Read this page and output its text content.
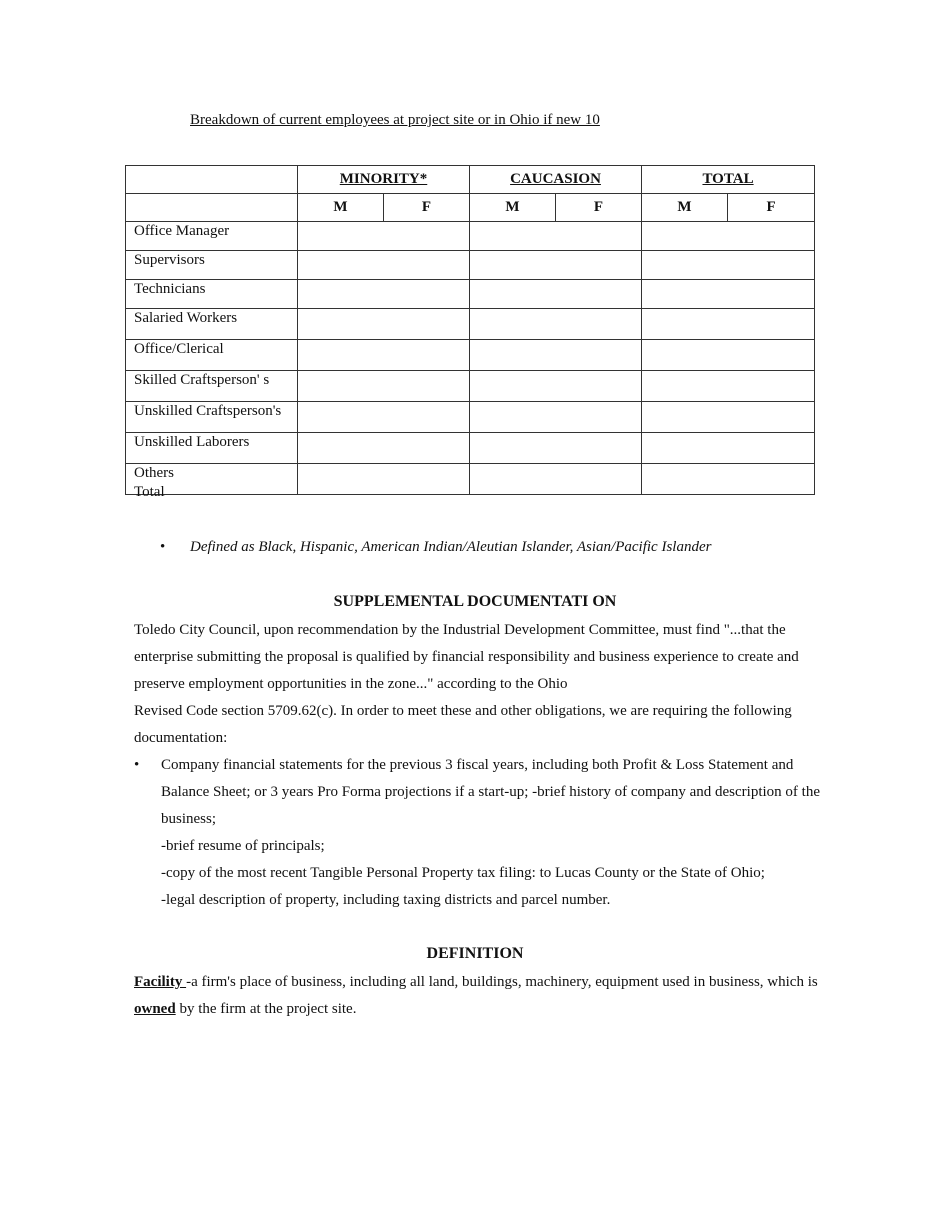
Breakdown of current employees at project site or in Ohio if new 10
	MINORITY*		CAUCASION		TOTAL	
	M	F	M	F	M	F
Office Manager						
Supervisors						
Technicians						
Salaried Workers						
Office/Clerical						
Skilled Craftsperson' s						
Unskilled Craftsperson's						
Unskilled Laborers						
Others						
Total
• Defined as Black, Hispanic, American Indian/Aleutian Islander, Asian/Pacific Islander
SUPPLEMENTAL DOCUMENTATI ON
Toledo City Council, upon recommendation by the Industrial Development Committee, must find "...that the enterprise submitting the proposal is qualified by financial responsibility and business experience to create and preserve employment opportunities in the zone..." according to the Ohio
Revised Code section 5709.62(c). In order to meet these and other obligations, we are requiring the following documentation:
• Company financial statements for the previous 3 fiscal years, including both Profit & Loss Statement and Balance Sheet; or 3 years Pro Forma projections if a start-up; -brief history of company and description of the business;
-brief resume of principals;
-copy of the most recent Tangible Personal Property tax filing: to Lucas County or the State of Ohio;
-legal description of property, including taxing districts and parcel number.
DEFINITION
Facility -a firm's place of business, including all land, buildings, machinery, equipment used in business, which is owned by the firm at the project site.
